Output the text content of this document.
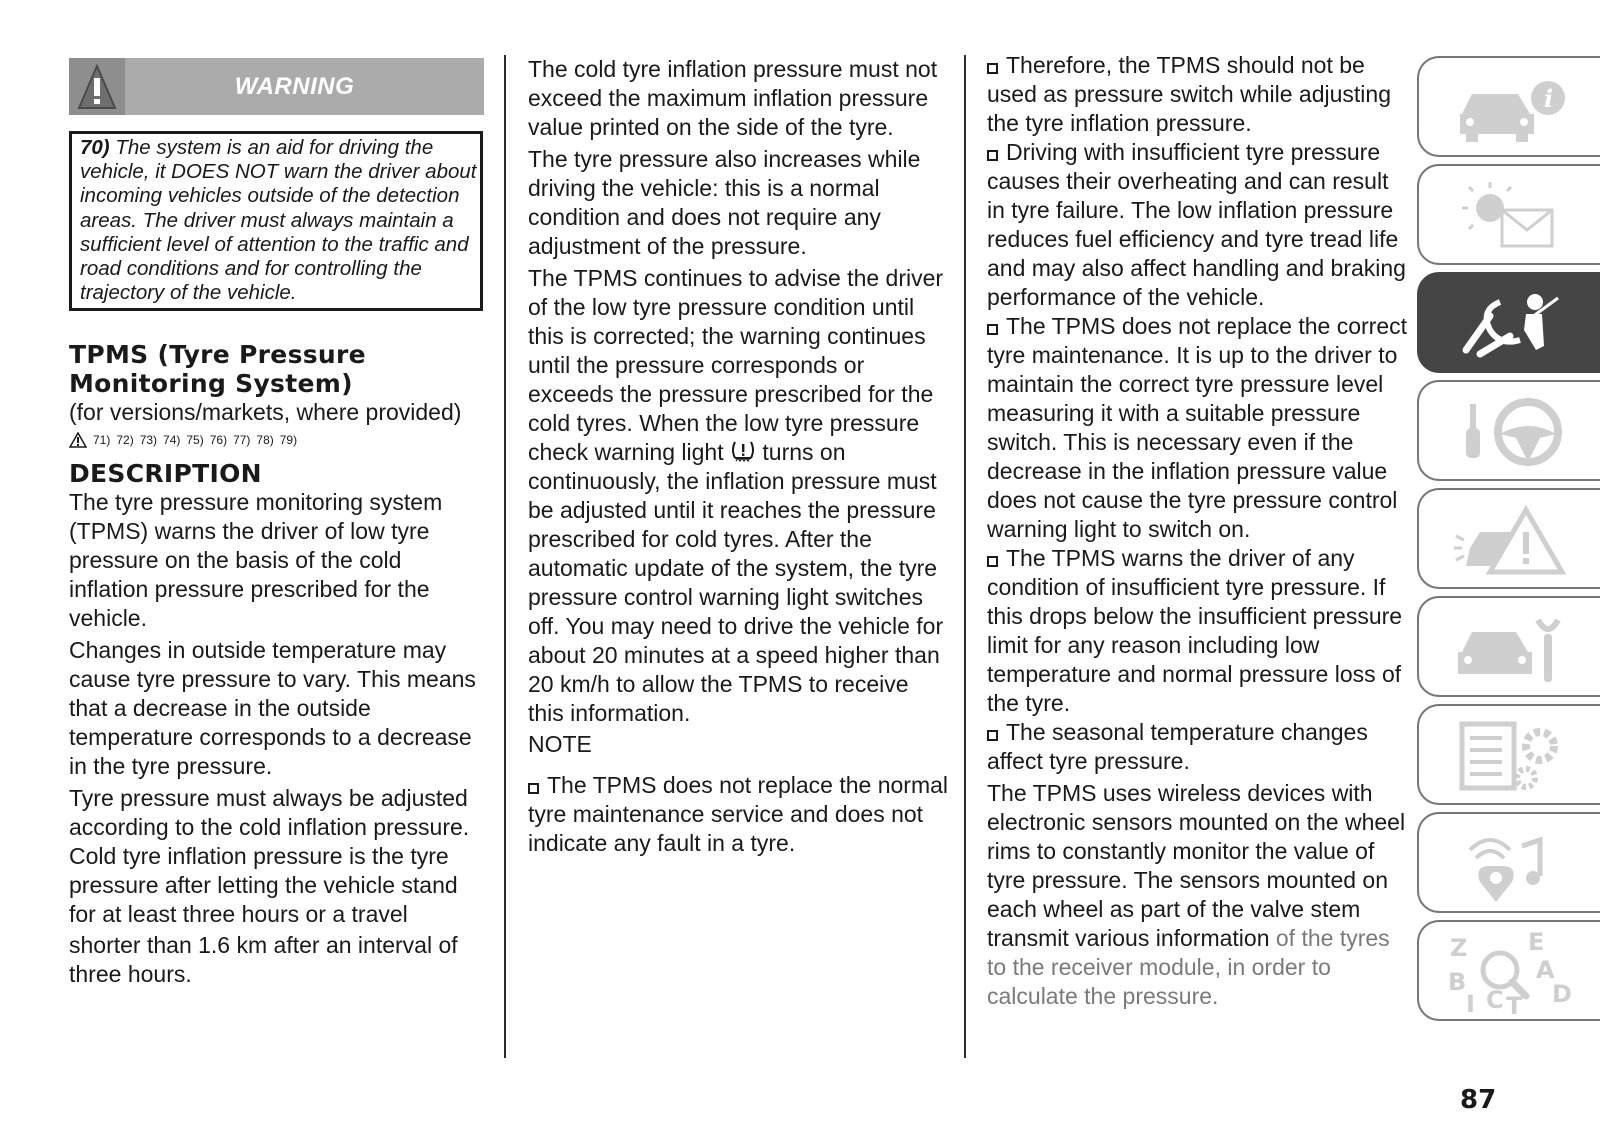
WARNING
70) The system is an aid for driving the vehicle, it DOES NOT warn the driver about incoming vehicles outside of the detection areas. The driver must always maintain a sufficient level of attention to the traffic and road conditions and for controlling the trajectory of the vehicle.
TPMS (Tyre Pressure
Monitoring System)

(for versions/markets, where provided)

71) 72) 73) 74) 75) 76) 77) 78) 79)
DESCRIPTION

The tyre pressure monitoring system (TPMS) warns the driver of low tyre pressure on the basis of the cold inflation pressure prescribed for the vehicle.

Changes in outside temperature may cause tyre pressure to vary. This means that a decrease in the outside temperature corresponds to a decrease in the tyre pressure.

Tyre pressure must always be adjusted according to the cold inflation pressure. Cold tyre inflation pressure is the tyre pressure after letting the vehicle stand for at least three hours or a travel

shorter than 1.6 km after an interval of three hours.

The cold tyre inflation pressure must not exceed the maximum inflation pressure value printed on the side of the tyre.

The tyre pressure also increases while driving the vehicle: this is a normal condition and does not require any adjustment of the pressure.

The TPMS continues to advise the driver of the low tyre pressure condition until this is corrected; the warning continues until the pressure corresponds or exceeds the pressure prescribed for the cold tyres. When the low tyre pressure check warning light turns on continuously, the inflation pressure must be adjusted until it reaches the pressure prescribed for cold tyres. After the automatic update of the system, the tyre pressure control warning light switches off. You may need to drive the vehicle for about 20 minutes at a speed higher than 20 km/h to allow the TPMS to receive this information.

NOTE

The TPMS does not replace the normal tyre maintenance service and does not indicate any fault in a tyre.

Therefore, the TPMS should not be used as pressure switch while adjusting the tyre inflation pressure.

Driving with insufficient tyre pressure causes their overheating and can result in tyre failure. The low inflation pressure reduces fuel efficiency and tyre tread life and may also affect handling and braking performance of the vehicle.

The TPMS does not replace the correct tyre maintenance. It is up to the driver to maintain the correct tyre pressure level measuring it with a suitable pressure switch. This is necessary even if the decrease in the inflation pressure value does not cause the tyre pressure control warning light to switch on.

The TPMS warns the driver of any condition of insufficient tyre pressure. If this drops below the insufficient pressure limit for any reason including low temperature and normal pressure loss of the tyre.

The seasonal temperature changes affect tyre pressure.

The TPMS uses wireless devices with electronic sensors mounted on the wheel rims to constantly monitor the value of tyre pressure. The sensors mounted on each wheel as part of the valve stem transmit various information of the tyres to the receiver module, in order to calculate the pressure.

i
Z	E
B	A
I C T D
87
